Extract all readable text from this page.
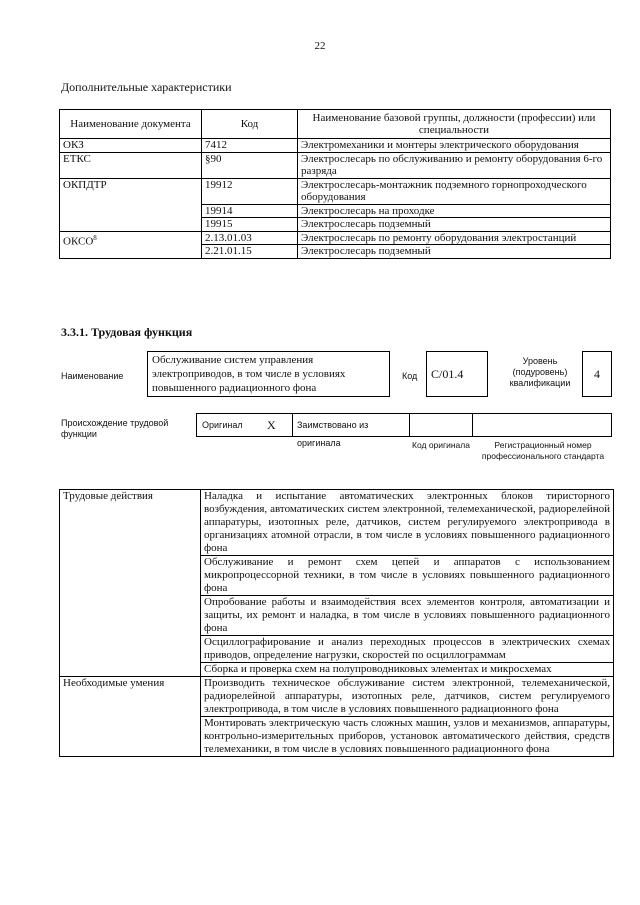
22
Дополнительные характеристики
Наименование документа	Код	Наименование базовой группы, должности (профессии) или специальности
ОКЗ	7412	Электромеханики и монтеры электрического оборудования
ЕТКС	§90	Электрослесарь по обслуживанию и ремонту оборудования 6-го разряда
ОКПДТР	19912	Электрослесарь-монтажник подземного горнопроходческого оборудования
	19914	Электрослесарь на проходке
	19915	Электрослесарь подземный
ОКСО$^8$	2.13.01.03	Электрослесарь по ремонту оборудования электростанций
	2.21.01.15	Электрослесарь подземный
3.3.1. Трудовая функция
Наименование
Обслуживание систем управления электроприводов, в том числе в условиях повышенного радиационного фона
Код	С/01.4
Уровень (подуровень) квалификации
4
Происхождение трудовой функции
Оригинал X	Заимствовано из оригинала	Код оригинала	Регистрационный номер профессионального стандарта
Трудовые действия	Наладка и испытание автоматических электронных блоков тиристорного возбуждения, автоматических систем электронной, телемеханической, радиорелейной аппаратуры, изотопных реле, датчиков, систем регулируемого электропривода в организациях атомной отрасли, в том числе в условиях повышенного радиационного фона
	Обслуживание и ремонт схем цепей и аппаратов с использованием микропроцессорной техники, в том числе в условиях повышенного радиационного фона
	Опробование работы и взаимодействия всех элементов контроля, автоматизации и защиты, их ремонт и наладка, в том числе в условиях повышенного радиационного фона
	Осциллографирование и анализ переходных процессов в электрических схемах приводов, определение нагрузки, скоростей по осциллограммам
	Сборка и проверка схем на полупроводниковых элементах и микросхемах
Необходимые умения	Производить техническое обслуживание систем электронной, телемеханической, радиорелейной аппаратуры, изотопных реле, датчиков, систем регулируемого электропривода, в том числе в условиях повышенного радиационного фона
	Монтировать электрическую часть сложных машин, узлов и механизмов, аппаратуры, контрольно-измерительных приборов, установок автоматического действия, средств телемеханики, в том числе в условиях повышенного радиационного фона
